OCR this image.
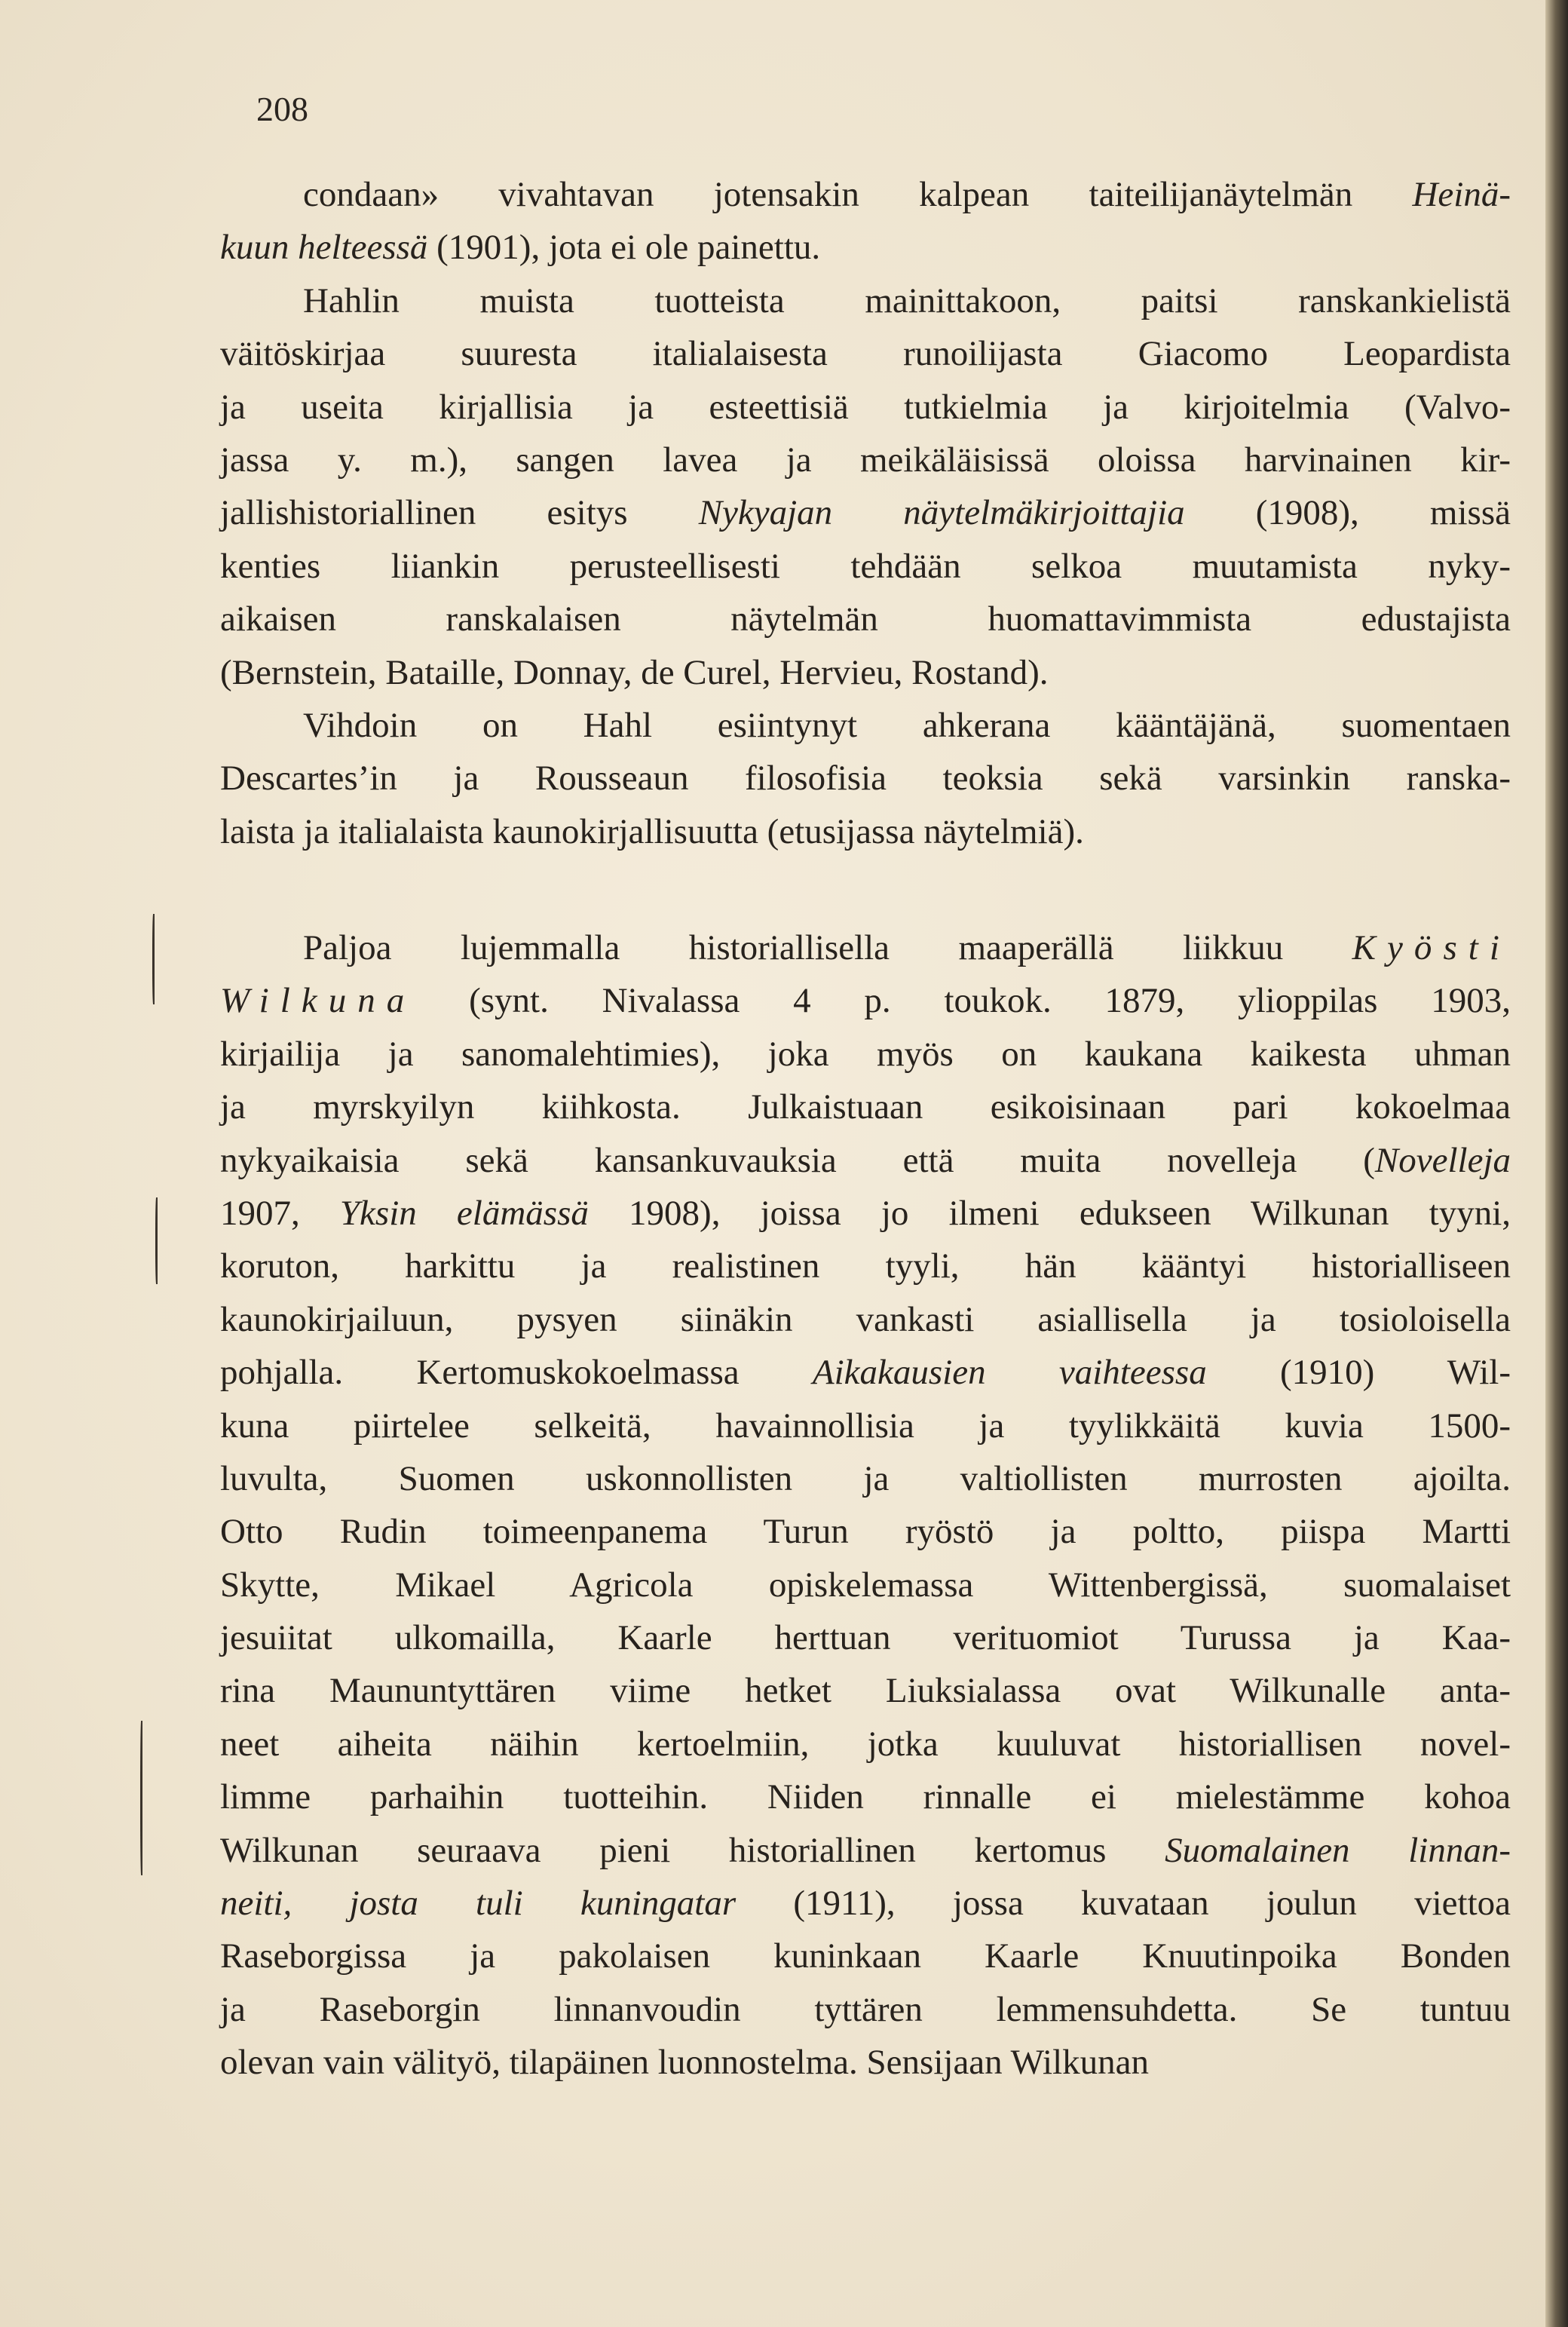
208

condaan» vivahtavan jotensakin kalpean taiteilijanäytelmän Heinä-
kuun helteessä (1901), jota ei ole painettu.
Hahlin muista tuotteista mainittakoon, paitsi ranskankielistä
väitöskirjaa suuresta italialaisesta runoilijasta Giacomo Leopardista
ja useita kirjallisia ja esteettisiä tutkielmia ja kirjoitelmia (Valvo-
jassa y. m.), sangen lavea ja meikäläisissä oloissa harvinainen kir-
jallishistoriallinen esitys Nykyajan näytelmäkirjoittajia (1908), missä
kenties liiankin perusteellisesti tehdään selkoa muutamista nyky-
aikaisen ranskalaisen näytelmän huomattavimmista edustajista
(Bernstein, Bataille, Donnay, de Curel, Hervieu, Rostand).
Vihdoin on Hahl esiintynyt ahkerana kääntäjänä, suomentaen
Descartes’in ja Rousseaun filosofisia teoksia sekä varsinkin ranska-
laista ja italialaista kaunokirjallisuutta (etusijassa näytelmiä).
Paljoa lujemmalla historiallisella maaperällä liikkuu Kyösti
Wilkuna (synt. Nivalassa 4 p. toukok. 1879, ylioppilas 1903,
kirjailija ja sanomalehtimies), joka myös on kaukana kaikesta uhman
ja myrskyilyn kiihkosta. Julkaistuaan esikoisinaan pari kokoelmaa
nykyaikaisia sekä kansankuvauksia että muita novelleja (Novelleja
1907, Yksin elämässä 1908), joissa jo ilmeni edukseen Wilkunan tyyni,
koruton, harkittu ja realistinen tyyli, hän kääntyi historialliseen
kaunokirjailuun, pysyen siinäkin vankasti asiallisella ja tosioloisella
pohjalla. Kertomuskokoelmassa Aikakausien vaihteessa (1910) Wil-
kuna piirtelee selkeitä, havainnollisia ja tyylikkäitä kuvia 1500-
luvulta, Suomen uskonnollisten ja valtiollisten murrosten ajoilta.
Otto Rudin toimeenpanema Turun ryöstö ja poltto, piispa Martti
Skytte, Mikael Agricola opiskelemassa Wittenbergissä, suomalaiset
jesuiitat ulkomailla, Kaarle herttuan verituomiot Turussa ja Kaa-
rina Maununtyttären viime hetket Liuksialassa ovat Wilkunalle anta-
neet aiheita näihin kertoelmiin, jotka kuuluvat historiallisen novel-
limme parhaihin tuotteihin. Niiden rinnalle ei mielestämme kohoa
Wilkunan seuraava pieni historiallinen kertomus Suomalainen linnan-
neiti, josta tuli kuningatar (1911), jossa kuvataan joulun viettoa
Raseborgissa ja pakolaisen kuninkaan Kaarle Knuutinpoika Bonden
ja Raseborgin linnanvoudin tyttären lemmensuhdetta. Se tuntuu
olevan vain välityö, tilapäinen luonnostelma. Sensijaan Wilkunan
